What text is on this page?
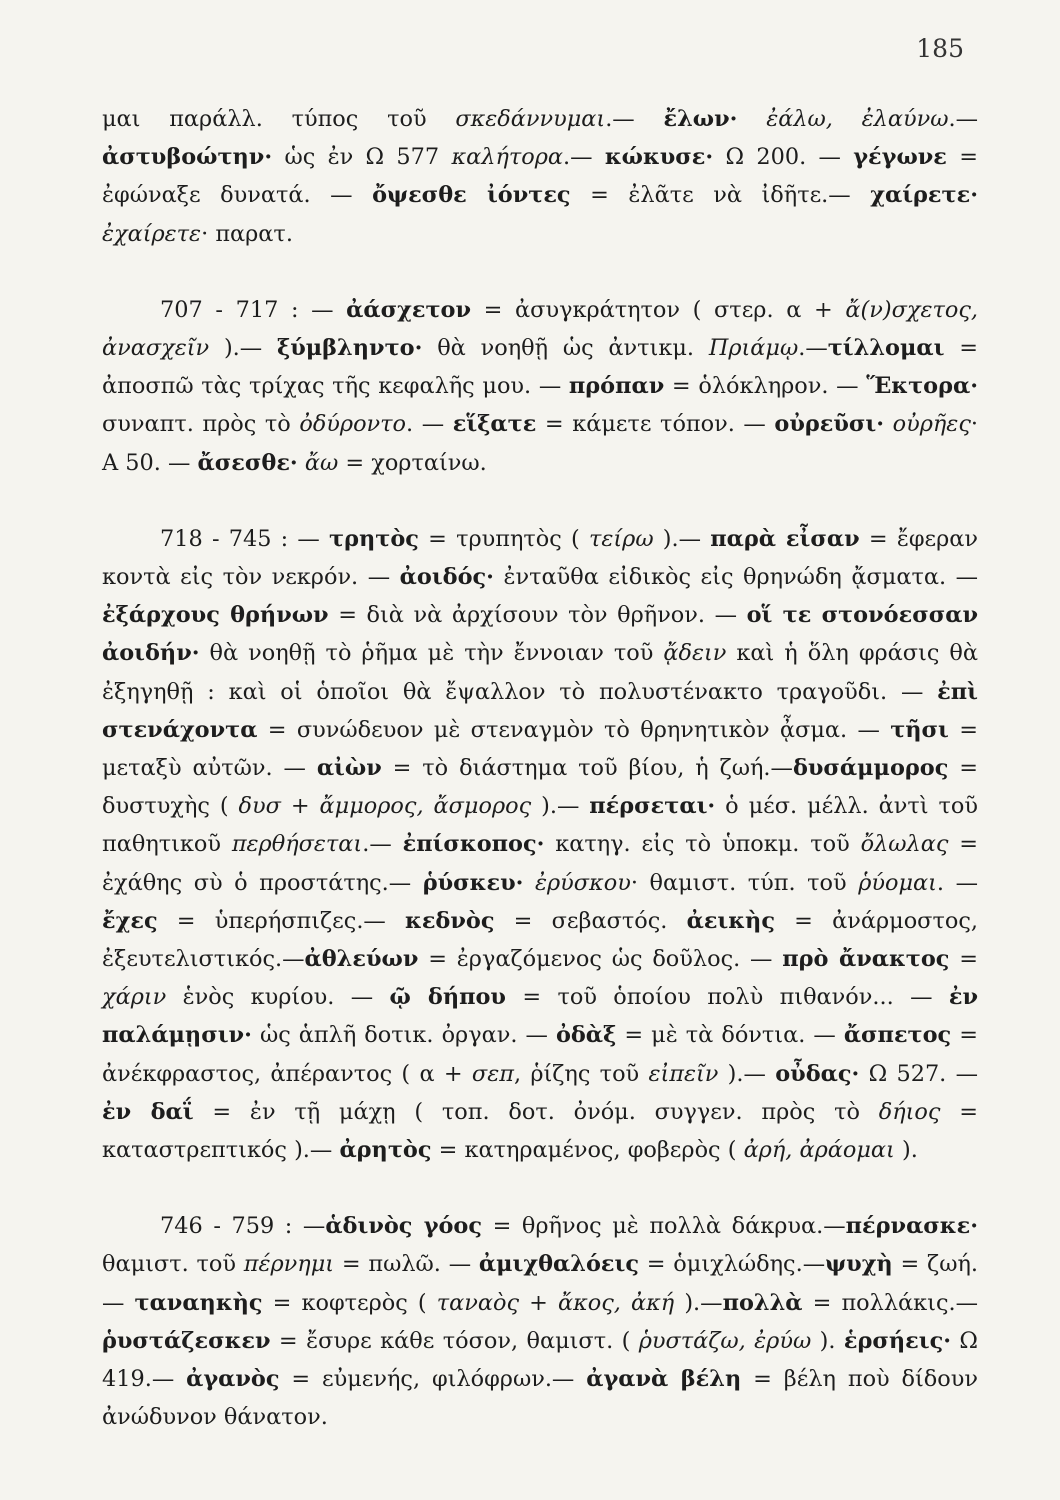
185

μαι παράλλ. τύπος τοῦ σκεδάννυμαι.— ἔλων· ἐάλω, ἐλαύνω.—ἀστυβοώτην· ὡς ἐν Ω 577 καλήτορα.— κώκυσε· Ω 200. — γέγωνε = ἐφώναξε δυνατά. — ὄψεσθε ἰόντες = ἐλᾶτε νὰ ἰδῆτε.— χαίρετε· ἐχαίρετε· παρατ.

707 - 717 : — ἀάσχετον = ἀσυγκράτητον ( στερ. α + ἄ(ν)σχετος, ἀνασχεῖν ).— ξύμβληντο· θὰ νοηθῇ ὡς ἀντικμ. Πριάμῳ.—τίλλομαι = ἀποσπῶ τὰς τρίχας τῆς κεφαλῆς μου. — πρόπαν = ὁλόκληρον. — Ἕκτορα· συναπτ. πρὸς τὸ ὀδύροντο. — εἵξατε = κάμετε τόπον. — οὐρεῦσι· οὐρῆες· Α 50. — ἄσεσθε· ἄω = χορταίνω.

718 - 745 : — τρητὸς = τρυπητὸς ( τείρω ).— παρὰ εἶσαν = ἔφεραν κοντὰ εἰς τὸν νεκρόν. — ἀοιδός· ἐνταῦθα εἰδικὸς εἰς θρηνώδη ᾄσματα. — ἐξάρχους θρήνων = διὰ νὰ ἀρχίσουν τὸν θρῆνον. — οἵ τε στονόεσσαν ἀοιδήν· θὰ νοηθῇ τὸ ῥῆμα μὲ τὴν ἔννοιαν τοῦ ᾄδειν καὶ ἡ ὅλη φράσις θὰ ἐξηγηθῇ : καὶ οἱ ὁποῖοι θὰ ἔψαλλον τὸ πολυστένακτο τραγοῦδι. — ἐπὶ στενάχοντα = συνώδευον μὲ στεναγμὸν τὸ θρηνητικὸν ᾆσμα. — τῆσι = μεταξὺ αὐτῶν. — αἰὼν = τὸ διάστημα τοῦ βίου, ἡ ζωή.—δυσάμμορος = δυστυχὴς ( δυσ + ἄμμορος, ἄσμορος ).— πέρσεται· ὁ μέσ. μέλλ. ἀντὶ τοῦ παθητικοῦ περθήσεται.— ἐπίσκοπος· κατηγ. εἰς τὸ ὑποκμ. τοῦ ὄλωλας = ἐχάθης σὺ ὁ προστάτης.— ῥύσκευ· ἐρύσκου· θαμιστ. τύπ. τοῦ ῥύομαι. — ἔχες = ὑπερήσπιζες.— κεδνὸς = σεβαστός. ἀεικὴς = ἀνάρμοστος, ἐξευτελιστικός.—ἀθλεύων = ἐργαζόμενος ὡς δοῦλος. — πρὸ ἄνακτος = χάριν ἑνὸς κυρίου. — ῷ δήπου = τοῦ ὁποίου πολὺ πιθανόν... — ἐν παλάμῃσιν· ὡς ἁπλῆ δοτικ. ὀργαν. — ὀδὰξ = μὲ τὰ δόντια. — ἄσπετος = ἀνέκφραστος, ἀπέραντος ( α + σεπ, ῥίζης τοῦ εἰπεῖν ).— οὖδας· Ω 527. — ἐν δαΐ = ἐν τῇ μάχῃ ( τοπ. δοτ. ὀνόμ. συγγεν. πρὸς τὸ δήιος = καταστρεπτικός ).— ἀρητὸς = κατηραμένος, φοβερὸς ( ἀρή, ἀράομαι ).

746 - 759 : —ἁδινὸς γόος = θρῆνος μὲ πολλὰ δάκρυα.—πέρνασκε· θαμιστ. τοῦ πέρνημι = πωλῶ. — ἀμιχθαλόεις = ὁμιχλώδης.—ψυχὴ = ζωή.— ταναηκὴς = κοφτερὸς ( ταναὸς + ἄκος, ἀκή ).—πολλὰ = πολλάκις.— ῥυστάζεσκεν = ἔσυρε κάθε τόσον, θαμιστ. ( ῥυστάζω, ἐρύω ). ἑρσήεις· Ω 419.— ἀγανὸς = εὐμενής, φιλόφρων.— ἀγανὰ βέλη = βέλη ποὺ δίδουν ἀνώδυνον θάνατον.
